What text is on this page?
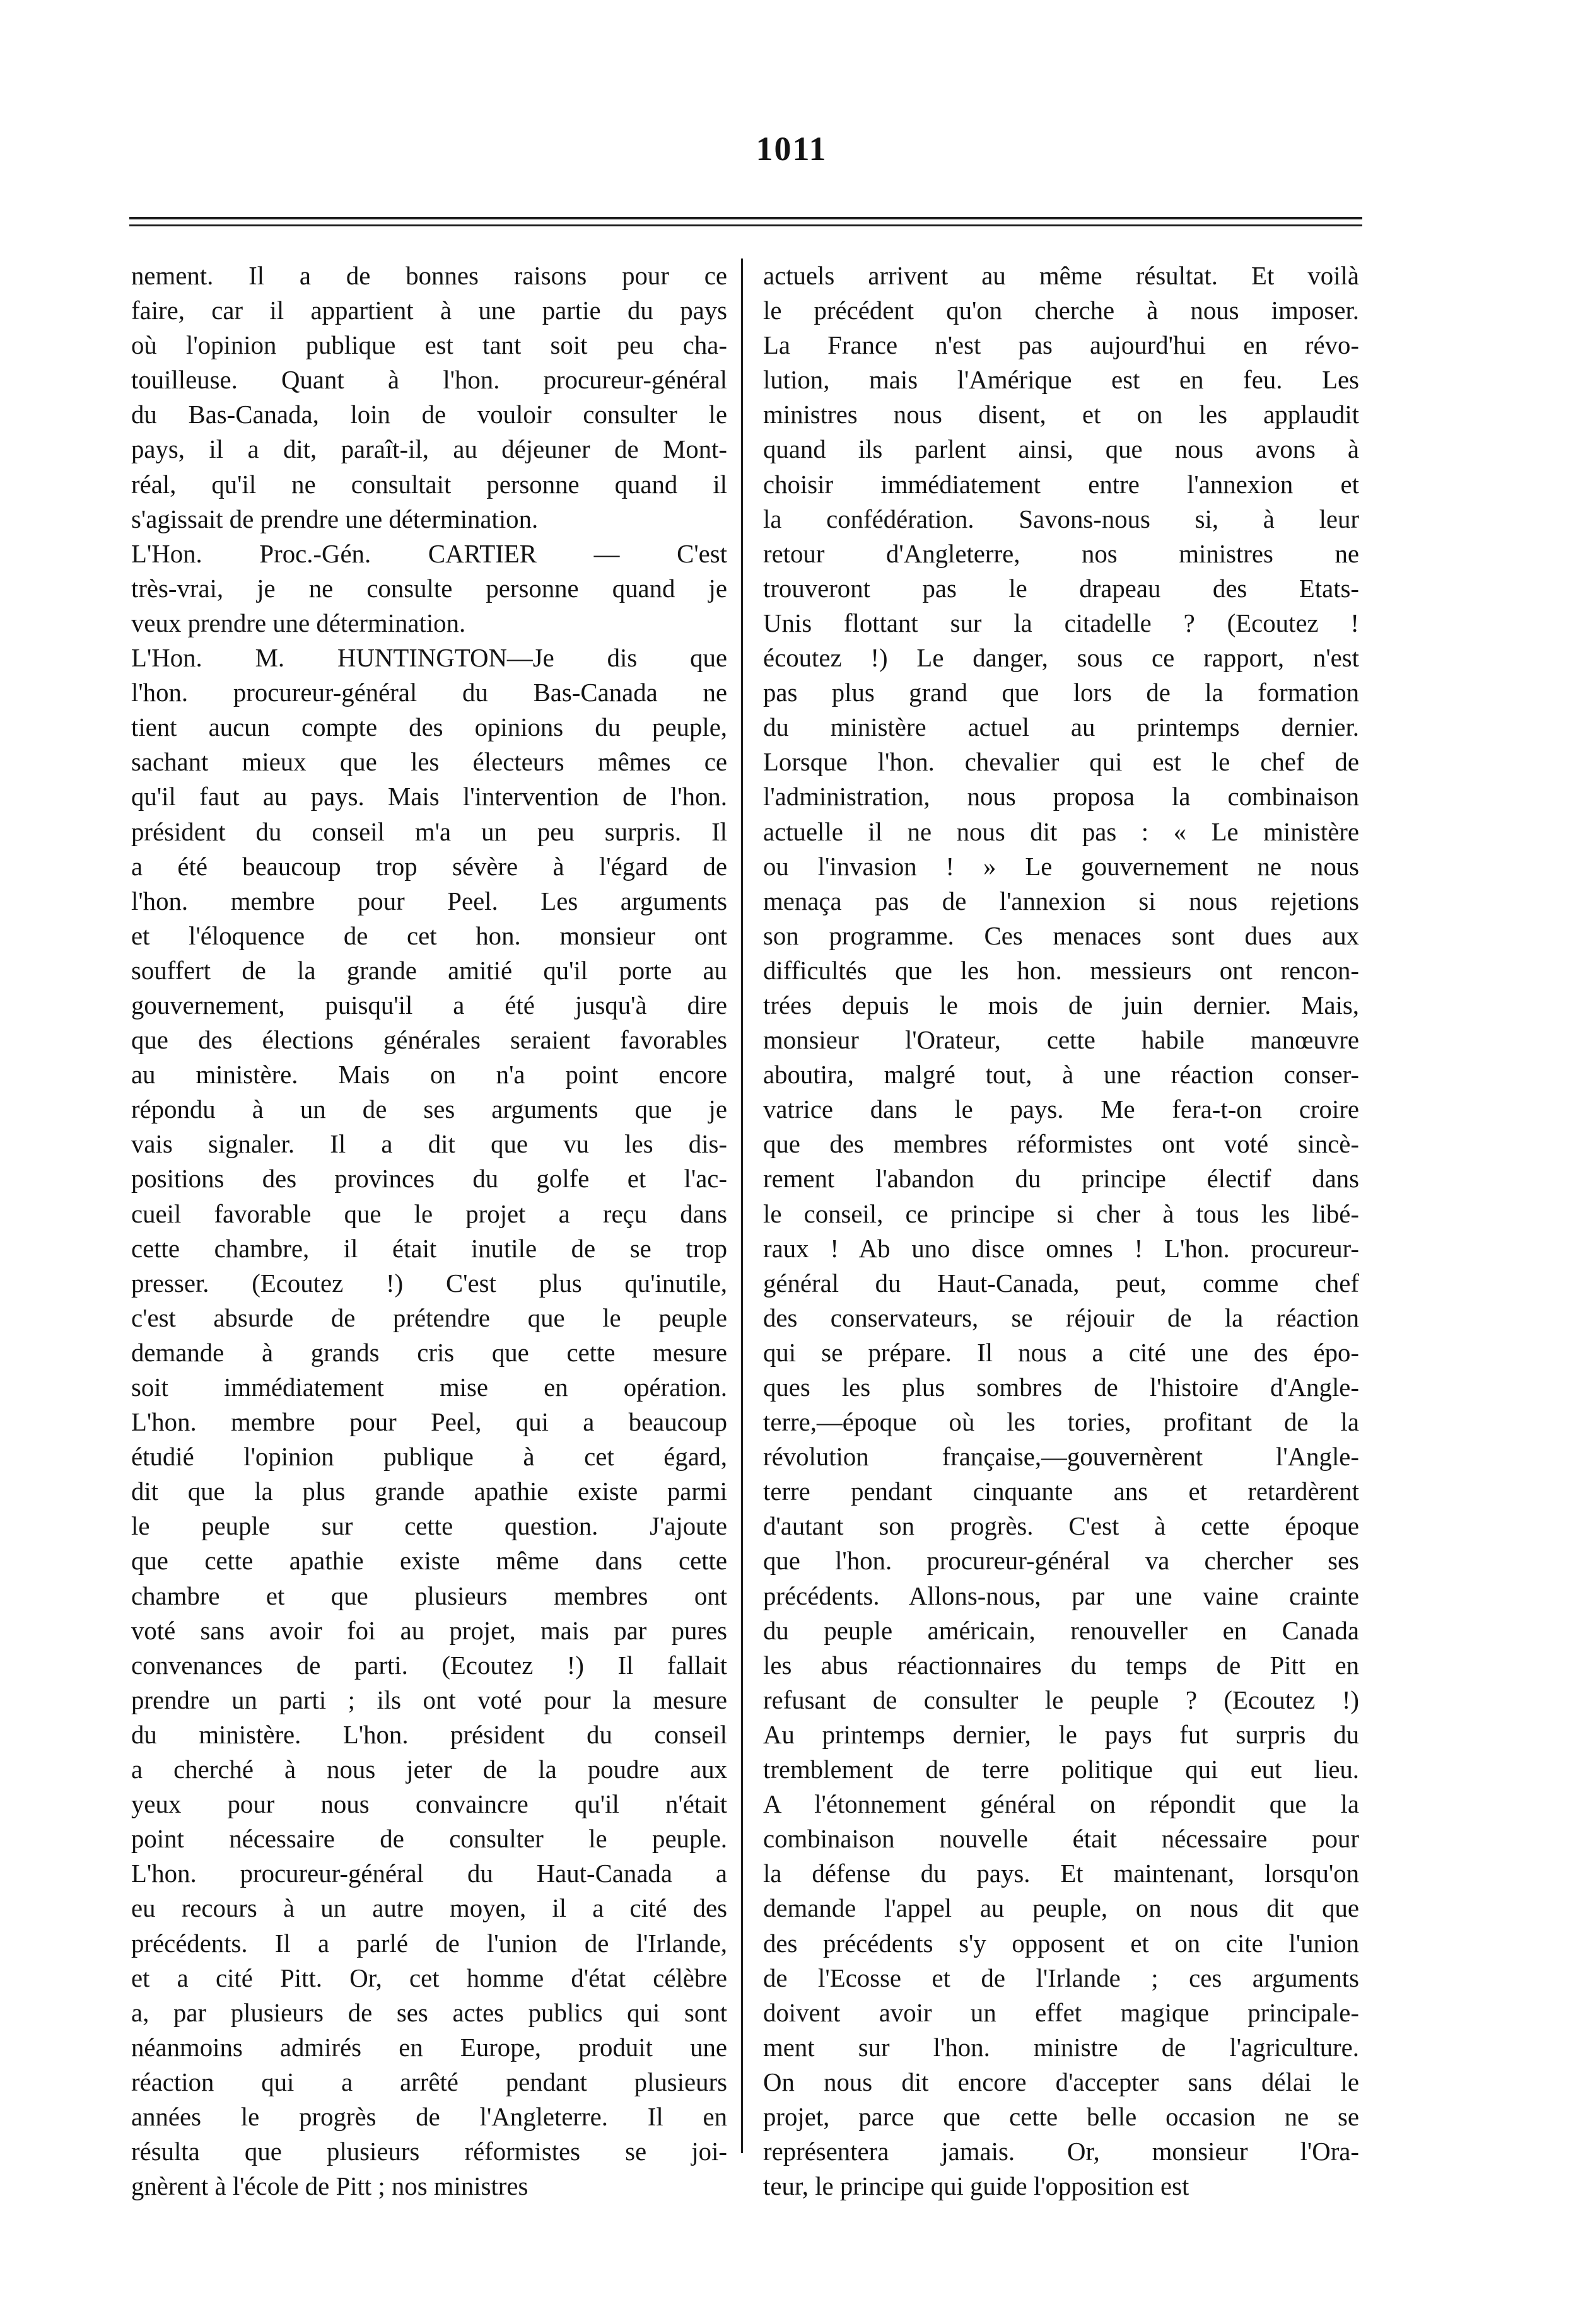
1011
nement. Il a de bonnes raisons pour ce
faire, car il appartient à une partie du pays
où l'opinion publique est tant soit peu cha-
touilleuse. Quant à l'hon. procureur-général
du Bas-Canada, loin de vouloir consulter le
pays, il a dit, paraît-il, au déjeuner de Mont-
réal, qu'il ne consultait personne quand il
s'agissait de prendre une détermination.
L'Hon. Proc.-Gén. CARTIER — C'est
très-vrai, je ne consulte personne quand je
veux prendre une détermination.
L'Hon. M. HUNTINGTON—Je dis que
l'hon. procureur-général du Bas-Canada ne
tient aucun compte des opinions du peuple,
sachant mieux que les électeurs mêmes ce
qu'il faut au pays. Mais l'intervention de l'hon.
président du conseil m'a un peu surpris. Il
a été beaucoup trop sévère à l'égard de
l'hon. membre pour Peel. Les arguments
et l'éloquence de cet hon. monsieur ont
souffert de la grande amitié qu'il porte au
gouvernement, puisqu'il a été jusqu'à dire
que des élections générales seraient favorables
au ministère. Mais on n'a point encore
répondu à un de ses arguments que je
vais signaler. Il a dit que vu les dis-
positions des provinces du golfe et l'ac-
cueil favorable que le projet a reçu dans
cette chambre, il était inutile de se trop
presser. (Ecoutez !) C'est plus qu'inutile,
c'est absurde de prétendre que le peuple
demande à grands cris que cette mesure
soit immédiatement mise en opération.
L'hon. membre pour Peel, qui a beaucoup
étudié l'opinion publique à cet égard,
dit que la plus grande apathie existe parmi
le peuple sur cette question. J'ajoute
que cette apathie existe même dans cette
chambre et que plusieurs membres ont
voté sans avoir foi au projet, mais par pures
convenances de parti. (Ecoutez !) Il fallait
prendre un parti ; ils ont voté pour la mesure
du ministère. L'hon. président du conseil
a cherché à nous jeter de la poudre aux
yeux pour nous convaincre qu'il n'était
point nécessaire de consulter le peuple.
L'hon. procureur-général du Haut-Canada a
eu recours à un autre moyen, il a cité des
précédents. Il a parlé de l'union de l'Irlande,
et a cité Pitt. Or, cet homme d'état célèbre
a, par plusieurs de ses actes publics qui sont
néanmoins admirés en Europe, produit une
réaction qui a arrêté pendant plusieurs
années le progrès de l'Angleterre. Il en
résulta que plusieurs réformistes se joi-
gnèrent à l'école de Pitt ; nos ministres
actuels arrivent au même résultat. Et voilà
le précédent qu'on cherche à nous imposer.
La France n'est pas aujourd'hui en révo-
lution, mais l'Amérique est en feu. Les
ministres nous disent, et on les applaudit
quand ils parlent ainsi, que nous avons à
choisir immédiatement entre l'annexion et
la confédération. Savons-nous si, à leur
retour d'Angleterre, nos ministres ne
trouveront pas le drapeau des Etats-
Unis flottant sur la citadelle ? (Ecoutez !
écoutez !) Le danger, sous ce rapport, n'est
pas plus grand que lors de la formation
du ministère actuel au printemps dernier.
Lorsque l'hon. chevalier qui est le chef de
l'administration, nous proposa la combinaison
actuelle il ne nous dit pas : « Le ministère
ou l'invasion ! » Le gouvernement ne nous
menaça pas de l'annexion si nous rejetions
son programme. Ces menaces sont dues aux
difficultés que les hon. messieurs ont rencon-
trées depuis le mois de juin dernier. Mais,
monsieur l'Orateur, cette habile manœuvre
aboutira, malgré tout, à une réaction conser-
vatrice dans le pays. Me fera-t-on croire
que des membres réformistes ont voté sincè-
rement l'abandon du principe électif dans
le conseil, ce principe si cher à tous les libé-
raux ! Ab uno disce omnes ! L'hon. procureur-
général du Haut-Canada, peut, comme chef
des conservateurs, se réjouir de la réaction
qui se prépare. Il nous a cité une des épo-
ques les plus sombres de l'histoire d'Angle-
terre,—époque où les tories, profitant de la
révolution française,—gouvernèrent l'Angle-
terre pendant cinquante ans et retardèrent
d'autant son progrès. C'est à cette époque
que l'hon. procureur-général va chercher ses
précédents. Allons-nous, par une vaine crainte
du peuple américain, renouveller en Canada
les abus réactionnaires du temps de Pitt en
refusant de consulter le peuple ? (Ecoutez !)
Au printemps dernier, le pays fut surpris du
tremblement de terre politique qui eut lieu.
A l'étonnement général on répondit que la
combinaison nouvelle était nécessaire pour
la défense du pays. Et maintenant, lorsqu'on
demande l'appel au peuple, on nous dit que
des précédents s'y opposent et on cite l'union
de l'Ecosse et de l'Irlande ; ces arguments
doivent avoir un effet magique principale-
ment sur l'hon. ministre de l'agriculture.
On nous dit encore d'accepter sans délai le
projet, parce que cette belle occasion ne se
représentera jamais. Or, monsieur l'Ora-
teur, le principe qui guide l'opposition est
